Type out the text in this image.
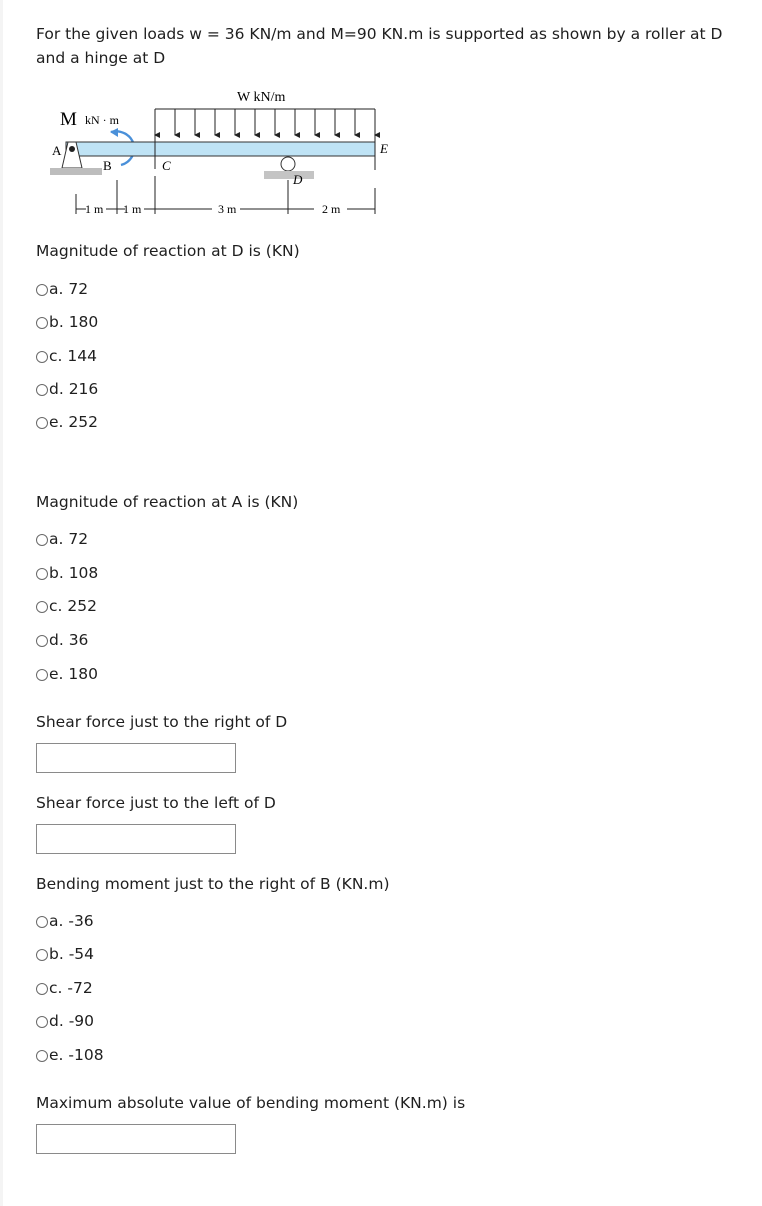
For the given loads w = 36 KN/m and M=90 KN.m is supported as shown by a roller at D and a hinge at D
W kN/m
M kN · m
A
B	C
D
E
1 m 1 m	3 m	2 m
Magnitude of reaction at D is (KN)
a. 72
b. 180
c. 144
d. 216
e. 252
Magnitude of reaction at A is (KN)
a. 72
b. 108
c. 252
d. 36
e. 180
Shear force just to the right of D
Shear force just to the left of D
Bending moment just to the right of B (KN.m)
a. -36
b. -54
c. -72
d. -90
e. -108
Maximum absolute value of bending moment (KN.m) is
